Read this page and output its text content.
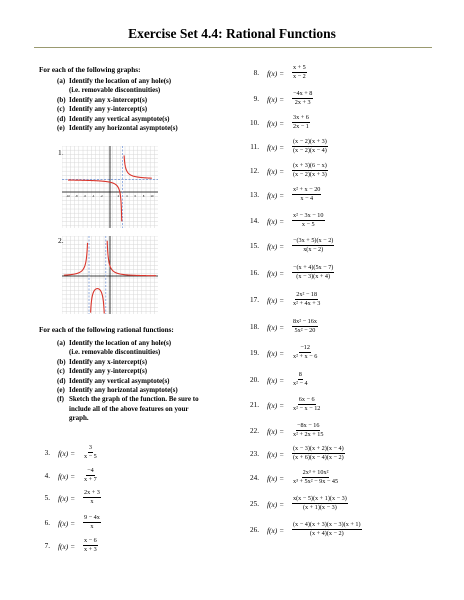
Exercise Set 4.4: Rational Functions
For each of the following graphs:
(a) Identify the location of any hole(s)
(i.e. removable discontinuities)
(b) Identify any x-intercept(s)
(c) Identify any y-intercept(s)
(d) Identify any vertical asymptote(s)
(e) Identify any horizontal asymptote(s)
1.
-10 -8 -6 -4 -2	2	4	6	8 10
2.
For each of the following rational functions:
(a) Identify the location of any hole(s)
(i.e. removable discontinuities)
(b) Identify any x-intercept(s)
(c) Identify any y-intercept(s)
(d) Identify any vertical asymptote(s)
(e) Identify any horizontal asymptote(s)
(f) Sketch the graph of the function. Be sure to
include all of the above features on your
graph.
3. $f(x) = \frac{3}{x - 5}$
4. $f(x) = \frac{-4}{x + 7}$
5. $f(x) = \frac{2x + 3}{x}$
6. $f(x) = \frac{9 - 4x}{x}$
7. $f(x) = \frac{x - 6}{x + 3}$
8. $f(x) = \frac{x + 5}{x - 2}$
9. $f(x) = \frac{-4x + 8}{2x + 3}$
10. $f(x) = \frac{3x + 6}{2x - 1}$
11. $f(x) = \frac{(x - 2)(x + 3)}{(x - 2)(x - 4)}$
12. $f(x) = \frac{(x + 3)(6 - x)}{(x - 2)(x + 3)}$
13. $f(x) = \frac{\text{x² + x − 20}}{x - 4}$
14. $f(x) = \frac{\text{x² − 3x − 10}}{x - 5}$
15. $f(x) = \frac{-(3x + 5)(x - 2)}{x(x - 2)}$
16. $f(x) = \frac{-(x + 4)(5x - 7)}{(x - 3)(x + 4)}$
17. $f(x) = \frac{\text{2x² − 18}}{\text{x² + 4x + 3}}$
18. $f(x) = \frac{\text{8x² − 16x}}{\text{5x² − 20}}$
19. $f(x) = \frac{-12}{\text{x² + x − 6}}$
20. $f(x) = \frac{8}{\text{x² − 4}}$
21. $f(x) = \frac{6x - 6}{\text{x² − x − 12}}$
22. $f(x) = \frac{-8x - 16}{\text{x² + 2x + 15}}$
23. $f(x) = \frac{(x - 3)(x + 2)(x - 4)}{(x + 6)(x - 4)(x - 2)}$
24. $f(x) = \frac{\text{2x³ + 10x²}}{\text{x³ + 5x² − 9x − 45}}$
25. $f(x) = \frac{x(x - 5)(x + 1)(x - 3)}{(x + 1)(x - 3)}$
26. $f(x) = \frac{(x - 4)(x + 3)(x - 3)(x + 1)}{(x + 4)(x - 2)}$
